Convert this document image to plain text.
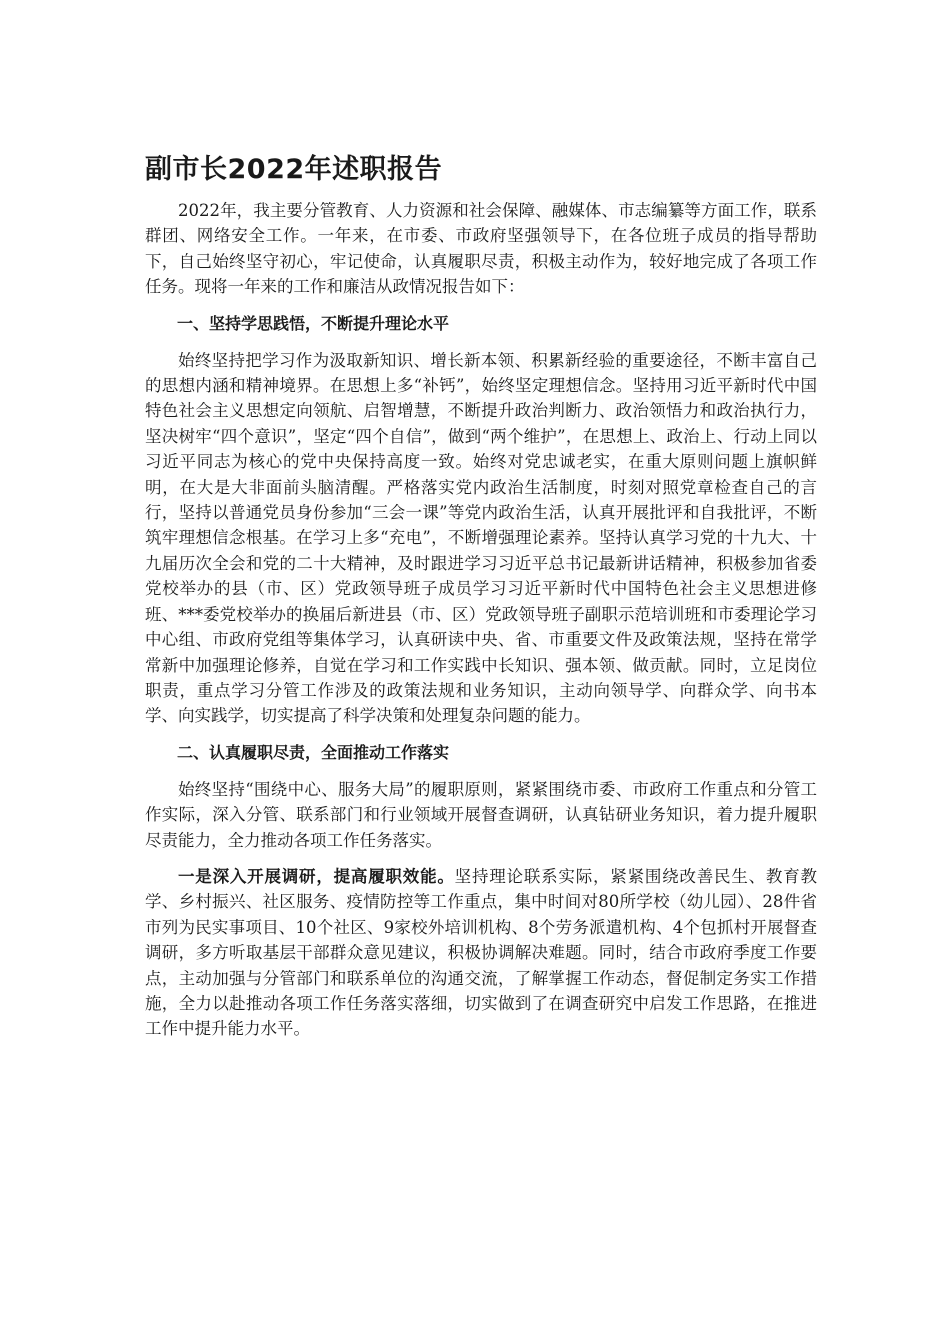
副市长2022年述职报告

2022年，我主要分管教育、人力资源和社会保障、融媒体、市志编纂等方面工作，联系群团、网络安全工作。一年来，在市委、市政府坚强领导下，在各位班子成员的指导帮助下，自己始终坚守初心，牢记使命，认真履职尽责，积极主动作为，较好地完成了各项工作任务。现将一年来的工作和廉洁从政情况报告如下：

一、坚持学思践悟，不断提升理论水平

始终坚持把学习作为汲取新知识、增长新本领、积累新经验的重要途径，不断丰富自己的思想内涵和精神境界。在思想上多“补钙”，始终坚定理想信念。坚持用习近平新时代中国特色社会主义思想定向领航、启智增慧，不断提升政治判断力、政治领悟力和政治执行力，坚决树牢“四个意识”，坚定“四个自信”，做到“两个维护”，在思想上、政治上、行动上同以习近平同志为核心的党中央保持高度一致。始终对党忠诚老实，在重大原则问题上旗帜鲜明，在大是大非面前头脑清醒。严格落实党内政治生活制度，时刻对照党章检查自己的言行，坚持以普通党员身份参加“三会一课”等党内政治生活，认真开展批评和自我批评，不断筑牢理想信念根基。在学习上多“充电”，不断增强理论素养。坚持认真学习党的十九大、十九届历次全会和党的二十大精神，及时跟进学习习近平总书记最新讲话精神，积极参加省委党校举办的县（市、区）党政领导班子成员学习习近平新时代中国特色社会主义思想进修班、***委党校举办的换届后新进县（市、区）党政领导班子副职示范培训班和市委理论学习中心组、市政府党组等集体学习，认真研读中央、省、市重要文件及政策法规，坚持在常学常新中加强理论修养，自觉在学习和工作实践中长知识、强本领、做贡献。同时，立足岗位职责，重点学习分管工作涉及的政策法规和业务知识，主动向领导学、向群众学、向书本学、向实践学，切实提高了科学决策和处理复杂问题的能力。

二、认真履职尽责，全面推动工作落实

始终坚持“围绕中心、服务大局”的履职原则，紧紧围绕市委、市政府工作重点和分管工作实际，深入分管、联系部门和行业领域开展督查调研，认真钻研业务知识，着力提升履职尽责能力，全力推动各项工作任务落实。

一是深入开展调研，提高履职效能。坚持理论联系实际，紧紧围绕改善民生、教育教学、乡村振兴、社区服务、疫情防控等工作重点，集中时间对80所学校（幼儿园）、28件省市列为民实事项目、10个社区、9家校外培训机构、8个劳务派遣机构、4个包抓村开展督查调研，多方听取基层干部群众意见建议，积极协调解决难题。同时，结合市政府季度工作要点，主动加强与分管部门和联系单位的沟通交流，了解掌握工作动态，督促制定务实工作措施，全力以赴推动各项工作任务落实落细，切实做到了在调查研究中启发工作思路，在推进工作中提升能力水平。
